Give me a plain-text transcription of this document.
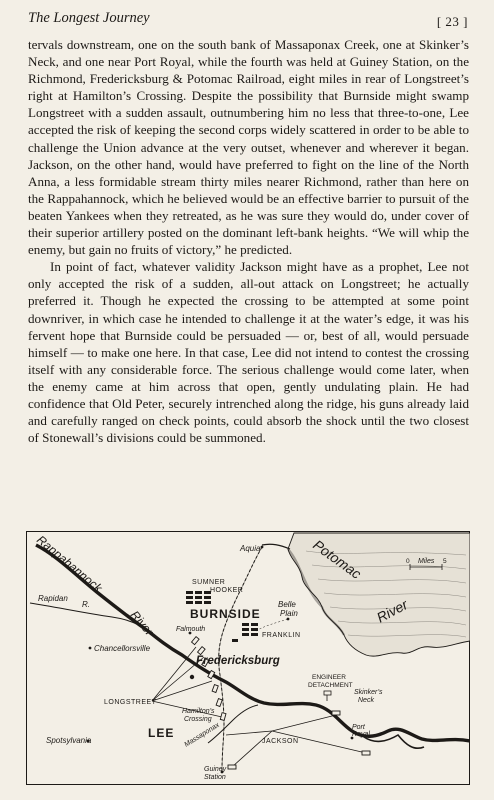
The Longest Journey	[ 23 ]

tervals downstream, one on the south bank of Massaponax Creek, one at Skinker’s Neck, and one near Port Royal, while the fourth was held at Guiney Station, on the Richmond, Fredericksburg & Potomac Railroad, eight miles in rear of Longstreet’s right at Hamilton’s Crossing. Despite the possibility that Burnside might swamp Longstreet with a sudden assault, outnumbering him no less that three-to-one, Lee accepted the risk of keeping the second corps widely scattered in order to be able to challenge the Union advance at the very outset, whenever and wherever it began. Jackson, on the other hand, would have preferred to fight on the line of the North Anna, a less formidable stream thirty miles nearer Richmond, rather than here on the Rappahannock, which he believed would be an effective barrier to pursuit of the beaten Yankees when they retreated, as he was sure they would do, under cover of their superior artillery posted on the dominant left-bank heights. “We will whip the enemy, but gain no fruits of victory,” he predicted.

In point of fact, whatever validity Jackson might have as a prophet, Lee not only accepted the risk of a sudden, all-out attack on Longstreet; he actually preferred it. Though he expected the crossing to be attempted at some point downriver, in which case he intended to challenge it at the water’s edge, it was his fervent hope that Burnside could be persuaded — or, best of all, would persuade himself — to make one here. In that case, Lee did not intend to contest the crossing itself with any considerable force. The serious challenge would come later, when the enemy came at him across that open, gently undulating plain. He had confidence that Old Peter, securely intrenched along the ridge, his guns already laid and carefully ranged on check points, could absorb the shock until the two closest of Stonewall’s divisions could be summoned.

0 Miles 5
Rappahannock
River
Rapidan
R.
Aquia	Potomac
River
Belle
Plain
SUMNER
HOOKER
BURNSIDE
FRANKLIN
Falmouth
Chancellorsville
Fredericksburg
LONGSTREET
ENGINEER
DETACHMENT
Skinker’s
Neck
Hamilton’s
Crossing
LEE Massaponax	JACKSON
Spotsylvania
Port
Royal
Guiney
Station
